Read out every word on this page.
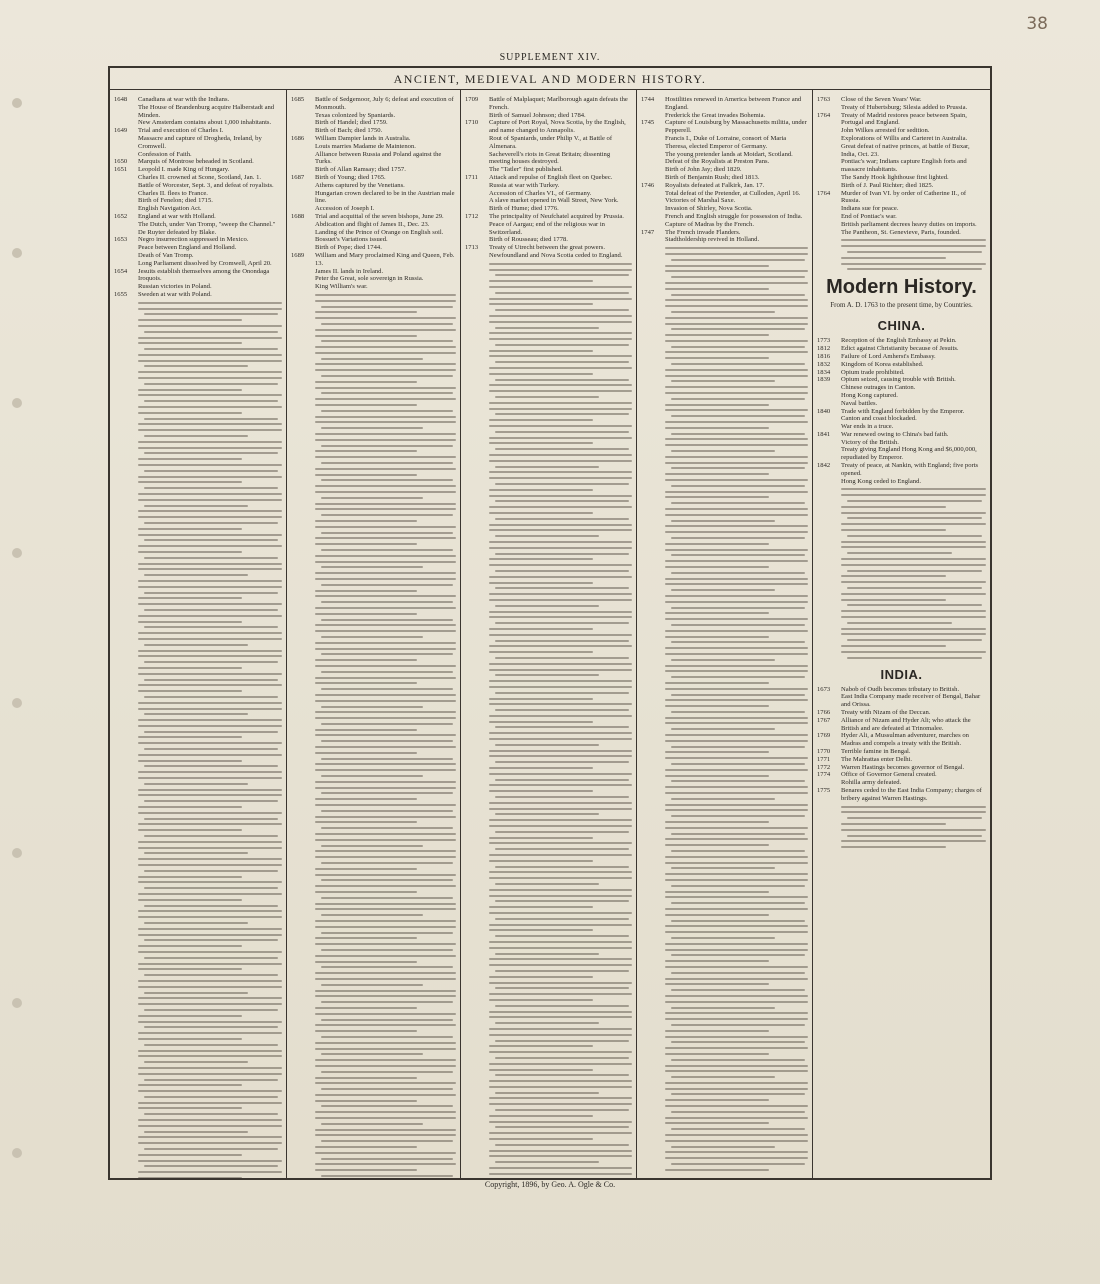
38
SUPPLEMENT XIV.
ANCIENT, MEDIEVAL AND MODERN HISTORY.
1648	Canadians at war with the Indians.
The House of Brandenburg acquire Halberstadt and Minden.
New Amsterdam contains about 1,000 inhabitants.
1649	Trial and execution of Charles I.
Massacre and capture of Drogheda, Ireland, by Cromwell.
Confession of Faith.
1650	Marquis of Montrose beheaded in Scotland.
1651	Leopold I. made King of Hungary.
Charles II. crowned at Scone, Scotland, Jan. 1.
Battle of Worcester, Sept. 3, and defeat of royalists.
Charles II. flees to France.
Birth of Fenelon; died 1715.
English Navigation Act.
1652	England at war with Holland.
The Dutch, under Van Tromp, "sweep the Channel."
De Ruyter defeated by Blake.
1653	Negro insurrection suppressed in Mexico.
Peace between England and Holland.
Death of Van Tromp.
Long Parliament dissolved by Cromwell, April 20.
1654	Jesuits establish themselves among the Onondaga Iroquois.
Russian victories in Poland.
1655	Sweden at war with Poland.
1685	Battle of Sedgemoor, July 6; defeat and execution of Monmouth.
Texas colonized by Spaniards.
Birth of Handel; died 1759.
Birth of Bach; died 1750.
1686	William Dampier lands in Australia.
Louis marries Madame de Maintenon.
Alliance between Russia and Poland against the Turks.
Birth of Allan Ramsay; died 1757.
1687	Birth of Young; died 1765.
Athens captured by the Venetians.
Hungarian crown declared to be in the Austrian male line.
Accession of Joseph I.
1688	Trial and acquittal of the seven bishops, June 29.
Abdication and flight of James II., Dec. 23.
Landing of the Prince of Orange on English soil.
Bossuet's Variations issued.
Birth of Pope; died 1744.
1689	William and Mary proclaimed King and Queen, Feb. 13.
James II. lands in Ireland.
Peter the Great, sole sovereign in Russia.
King William's war.
1709	Battle of Malplaquet; Marlborough again defeats the French.
Birth of Samuel Johnson; died 1784.
1710	Capture of Port Royal, Nova Scotia, by the English, and name changed to Annapolis.
Rout of Spaniards, under Philip V., at Battle of Almenara.
Sacheverell's riots in Great Britain; dissenting meeting houses destroyed.
The "Tatler" first published.
1711	Attack and repulse of English fleet on Quebec.
Russia at war with Turkey.
Accession of Charles VI., of Germany.
A slave market opened in Wall Street, New York.
Birth of Hume; died 1776.
1712	The principality of Neufchatel acquired by Prussia.
Peace of Aargau; end of the religious war in Switzerland.
Birth of Rousseau; died 1778.
1713	Treaty of Utrecht between the great powers.
Newfoundland and Nova Scotia ceded to England.
1744	Hostilities renewed in America between France and England.
Frederick the Great invades Bohemia.
1745	Capture of Louisburg by Massachusetts militia, under Pepperell.
Francis I., Duke of Lorraine, consort of Maria Theresa, elected Emperor of Germany.
The young pretender lands at Moidart, Scotland.
Defeat of the Royalists at Preston Pans.
Birth of John Jay; died 1829.
Birth of Benjamin Rush; died 1813.
1746	Royalists defeated at Falkirk, Jan. 17.
Total defeat of the Pretender, at Culloden, April 16.
Victories of Marshal Saxe.
Invasion of Shirley, Nova Scotia.
French and English struggle for possession of India.
Capture of Madras by the French.
1747	The French invade Flanders.
Stadtholdership revived in Holland.
1763	Close of the Seven Years' War.
Treaty of Hubertsburg; Silesia added to Prussia.
1764	Treaty of Madrid restores peace between Spain, Portugal and England.
John Wilkes arrested for sedition.
Explorations of Willis and Carteret in Australia.
Great defeat of native princes, at battle of Buxar, India, Oct. 23.
Pontiac's war; Indians capture English forts and massacre inhabitants.
The Sandy Hook lighthouse first lighted.
Birth of J. Paul Richter; died 1825.
1764	Murder of Ivan VI. by order of Catherine II., of Russia.
Indians sue for peace.
End of Pontiac's war.
British parliament decrees heavy duties on imports.
The Pantheon, St. Genevieve, Paris, founded.
Modern History.
From A. D. 1763 to the present time, by Countries.
CHINA.
1773	Reception of the English Embassy at Pekin.
1812	Edict against Christianity because of Jesuits.
1816	Failure of Lord Amherst's Embassy.
1832	Kingdom of Korea established.
1834	Opium trade prohibited.
1839	Opium seized, causing trouble with British.
Chinese outrages in Canton.
Hong Kong captured.
Naval battles.
1840	Trade with England forbidden by the Emperor.
Canton and coast blockaded.
War ends in a truce.
1841	War renewed owing to China's bad faith.
Victory of the British.
Treaty giving England Hong Kong and $6,000,000, repudiated by Emperor.
1842	Treaty of peace, at Nankin, with England; five ports opened.
Hong Kong ceded to England.
INDIA.
1673	Nabob of Oudh becomes tributary to British.
East India Company made receiver of Bengal, Bahar and Orissa.
1766	Treaty with Nizam of the Deccan.
1767	Alliance of Nizam and Hyder Ali; who attack the British and are defeated at Trinomalee.
1769	Hyder Ali, a Mussulman adventurer, marches on Madras and compels a treaty with the British.
1770	Terrible famine in Bengal.
1771	The Mahrattas enter Delhi.
1772	Warren Hastings becomes governor of Bengal.
1774	Office of Governor General created.
Rohilla army defeated.
1775	Benares ceded to the East India Company; charges of bribery against Warren Hastings.
Copyright, 1896, by Geo. A. Ogle & Co.
